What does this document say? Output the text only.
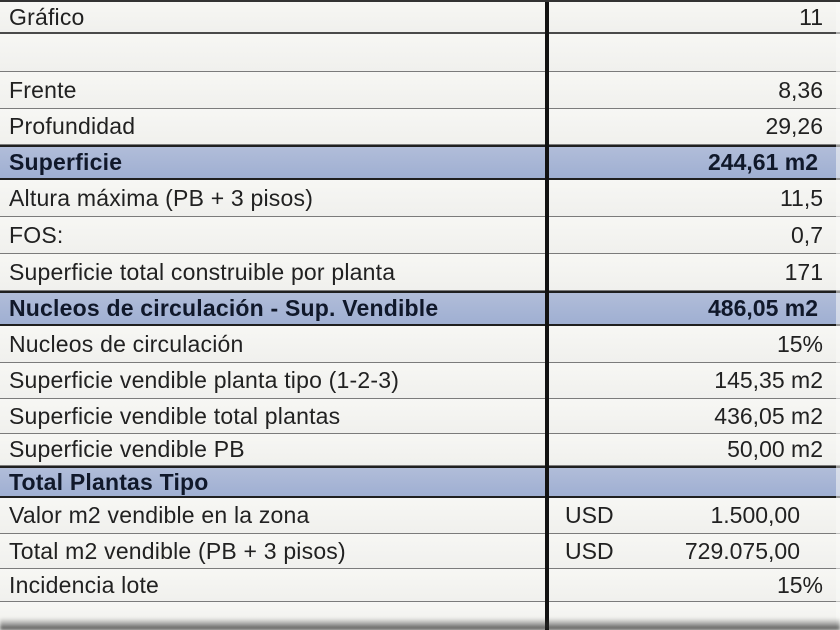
Gráfico	11
Frente	8,36
Profundidad	29,26
Superficie	244,61 m2
Altura máxima (PB + 3 pisos)	11,5
FOS:	0,7
Superficie total construible por planta	171
Nucleos de circulación - Sup. Vendible	486,05 m2
Nucleos de circulación	15%
Superficie vendible planta tipo (1-2-3)	145,35 m2
Superficie vendible total plantas	436,05 m2
Superficie vendible PB	50,00 m2
Total Plantas Tipo
Valor m2 vendible en la zona	USD	1.500,00
Total m2 vendible (PB + 3 pisos)	USD	729.075,00
Incidencia lote	15%
